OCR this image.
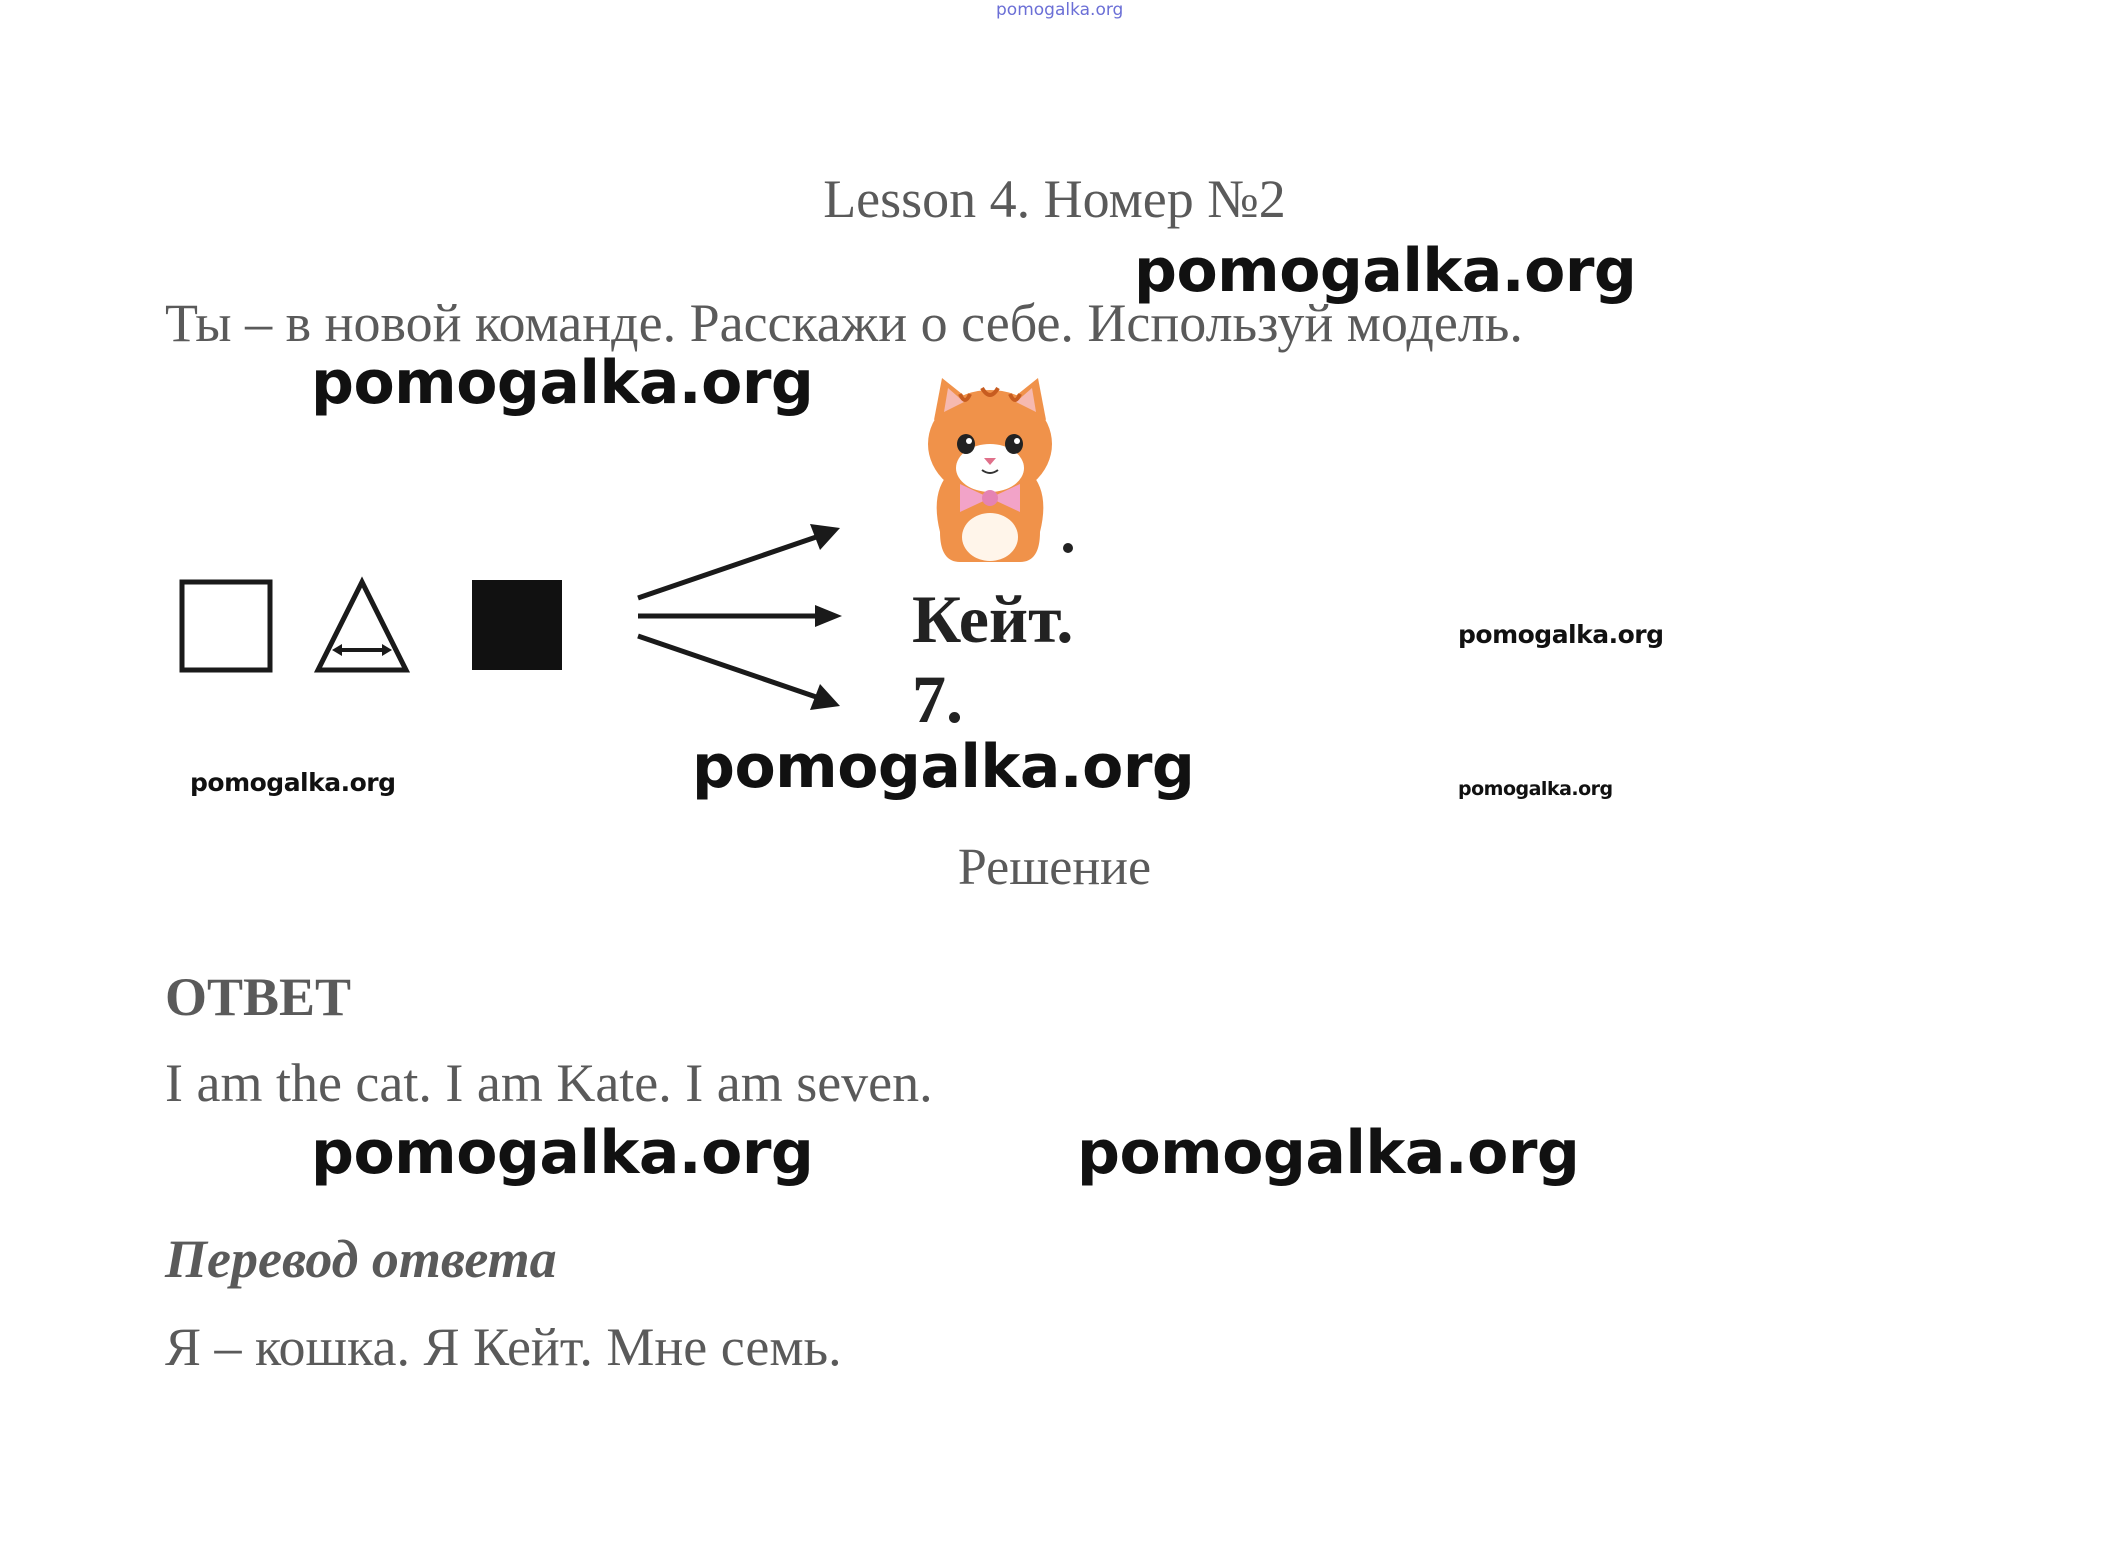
pomogalka.org
Lesson 4. Номер №2
Ты – в новой команде. Расскажи о себе. Используй модель.
Кейт.
7.
Решение
ОТВЕТ
I am the cat. I am Kate. I am seven.
Перевод ответа
Я – кошка. Я Кейт. Мне семь.
pomogalka.org
pomogalka.org
pomogalka.org
pomogalka.org	pomogalka.org
pomogalka.org
pomogalka.org	pomogalka.org
